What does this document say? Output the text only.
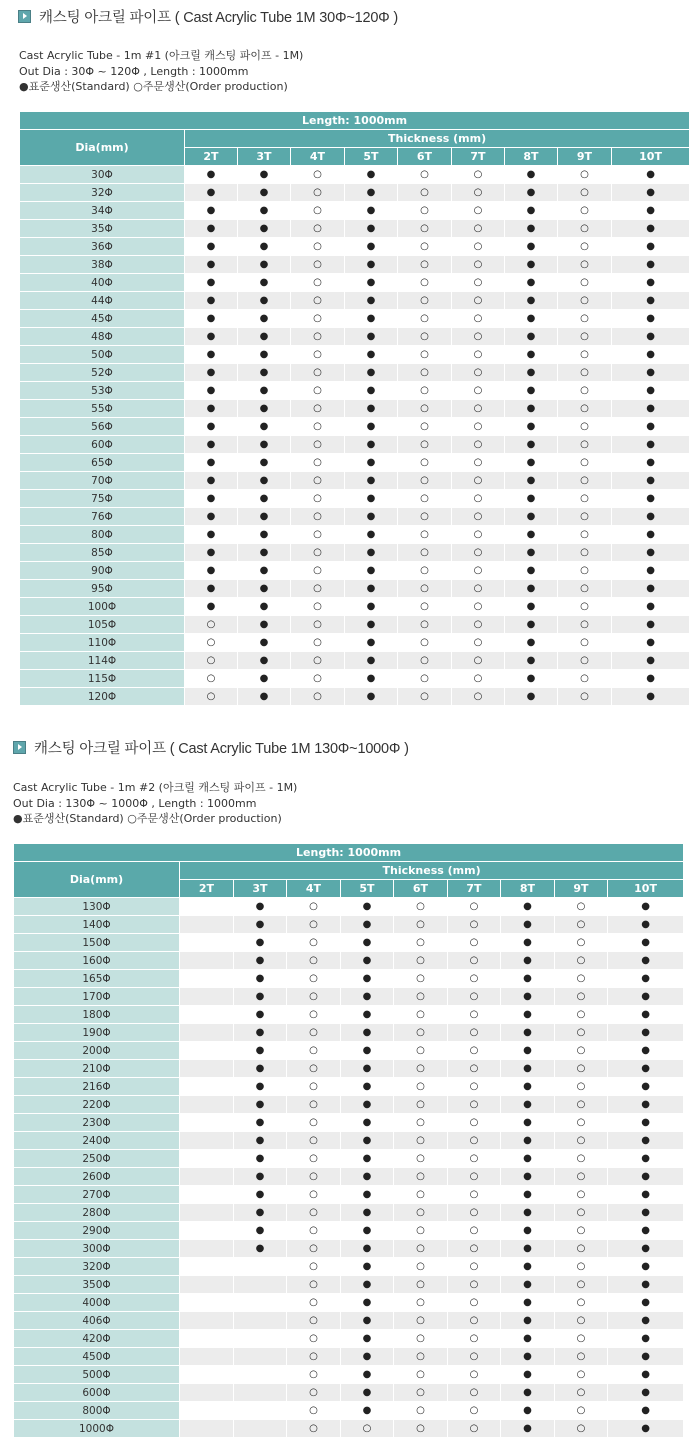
캐스팅 아크릴 파이프 ( Cast Acrylic Tube 1M 30Φ~120Φ )
Cast Acrylic Tube - 1m #1 (아크릴 캐스팅 파이프 - 1M)
Out Dia : 30Φ ~ 120Φ , Length : 1000mm
●표준생산(Standard) ○주문생산(Order production)
Length: 1000mm									
Dia(mm)	Thickness (mm)								
	2T	3T	4T	5T	6T	7T	8T	9T	10T
30Φ	●	●	○	●	○	○	●	○	●
32Φ	●	●	○	●	○	○	●	○	●
34Φ	●	●	○	●	○	○	●	○	●
35Φ	●	●	○	●	○	○	●	○	●
36Φ	●	●	○	●	○	○	●	○	●
38Φ	●	●	○	●	○	○	●	○	●
40Φ	●	●	○	●	○	○	●	○	●
44Φ	●	●	○	●	○	○	●	○	●
45Φ	●	●	○	●	○	○	●	○	●
48Φ	●	●	○	●	○	○	●	○	●
50Φ	●	●	○	●	○	○	●	○	●
52Φ	●	●	○	●	○	○	●	○	●
53Φ	●	●	○	●	○	○	●	○	●
55Φ	●	●	○	●	○	○	●	○	●
56Φ	●	●	○	●	○	○	●	○	●
60Φ	●	●	○	●	○	○	●	○	●
65Φ	●	●	○	●	○	○	●	○	●
70Φ	●	●	○	●	○	○	●	○	●
75Φ	●	●	○	●	○	○	●	○	●
76Φ	●	●	○	●	○	○	●	○	●
80Φ	●	●	○	●	○	○	●	○	●
85Φ	●	●	○	●	○	○	●	○	●
90Φ	●	●	○	●	○	○	●	○	●
95Φ	●	●	○	●	○	○	●	○	●
100Φ	●	●	○	●	○	○	●	○	●
105Φ	○	●	○	●	○	○	●	○	●
110Φ	○	●	○	●	○	○	●	○	●
114Φ	○	●	○	●	○	○	●	○	●
115Φ	○	●	○	●	○	○	●	○	●
120Φ	○	●	○	●	○	○	●	○	●
캐스팅 아크릴 파이프 ( Cast Acrylic Tube 1M 130Φ~1000Φ )
Cast Acrylic Tube - 1m #2 (아크릴 캐스팅 파이프 - 1M)
Out Dia : 130Φ ~ 1000Φ , Length : 1000mm
●표준생산(Standard) ○주문생산(Order production)
Length: 1000mm									
Dia(mm)	Thickness (mm)								
	2T	3T	4T	5T	6T	7T	8T	9T	10T
130Φ		●	○	●	○	○	●	○	●
140Φ		●	○	●	○	○	●	○	●
150Φ		●	○	●	○	○	●	○	●
160Φ		●	○	●	○	○	●	○	●
165Φ		●	○	●	○	○	●	○	●
170Φ		●	○	●	○	○	●	○	●
180Φ		●	○	●	○	○	●	○	●
190Φ		●	○	●	○	○	●	○	●
200Φ		●	○	●	○	○	●	○	●
210Φ		●	○	●	○	○	●	○	●
216Φ		●	○	●	○	○	●	○	●
220Φ		●	○	●	○	○	●	○	●
230Φ		●	○	●	○	○	●	○	●
240Φ		●	○	●	○	○	●	○	●
250Φ		●	○	●	○	○	●	○	●
260Φ		●	○	●	○	○	●	○	●
270Φ		●	○	●	○	○	●	○	●
280Φ		●	○	●	○	○	●	○	●
290Φ		●	○	●	○	○	●	○	●
300Φ		●	○	●	○	○	●	○	●
320Φ			○	●	○	○	●	○	●
350Φ			○	●	○	○	●	○	●
400Φ			○	●	○	○	●	○	●
406Φ			○	●	○	○	●	○	●
420Φ			○	●	○	○	●	○	●
450Φ			○	●	○	○	●	○	●
500Φ			○	●	○	○	●	○	●
600Φ			○	●	○	○	●	○	●
800Φ			○	●	○	○	●	○	●
1000Φ			○	○	○	○	●	○	●
